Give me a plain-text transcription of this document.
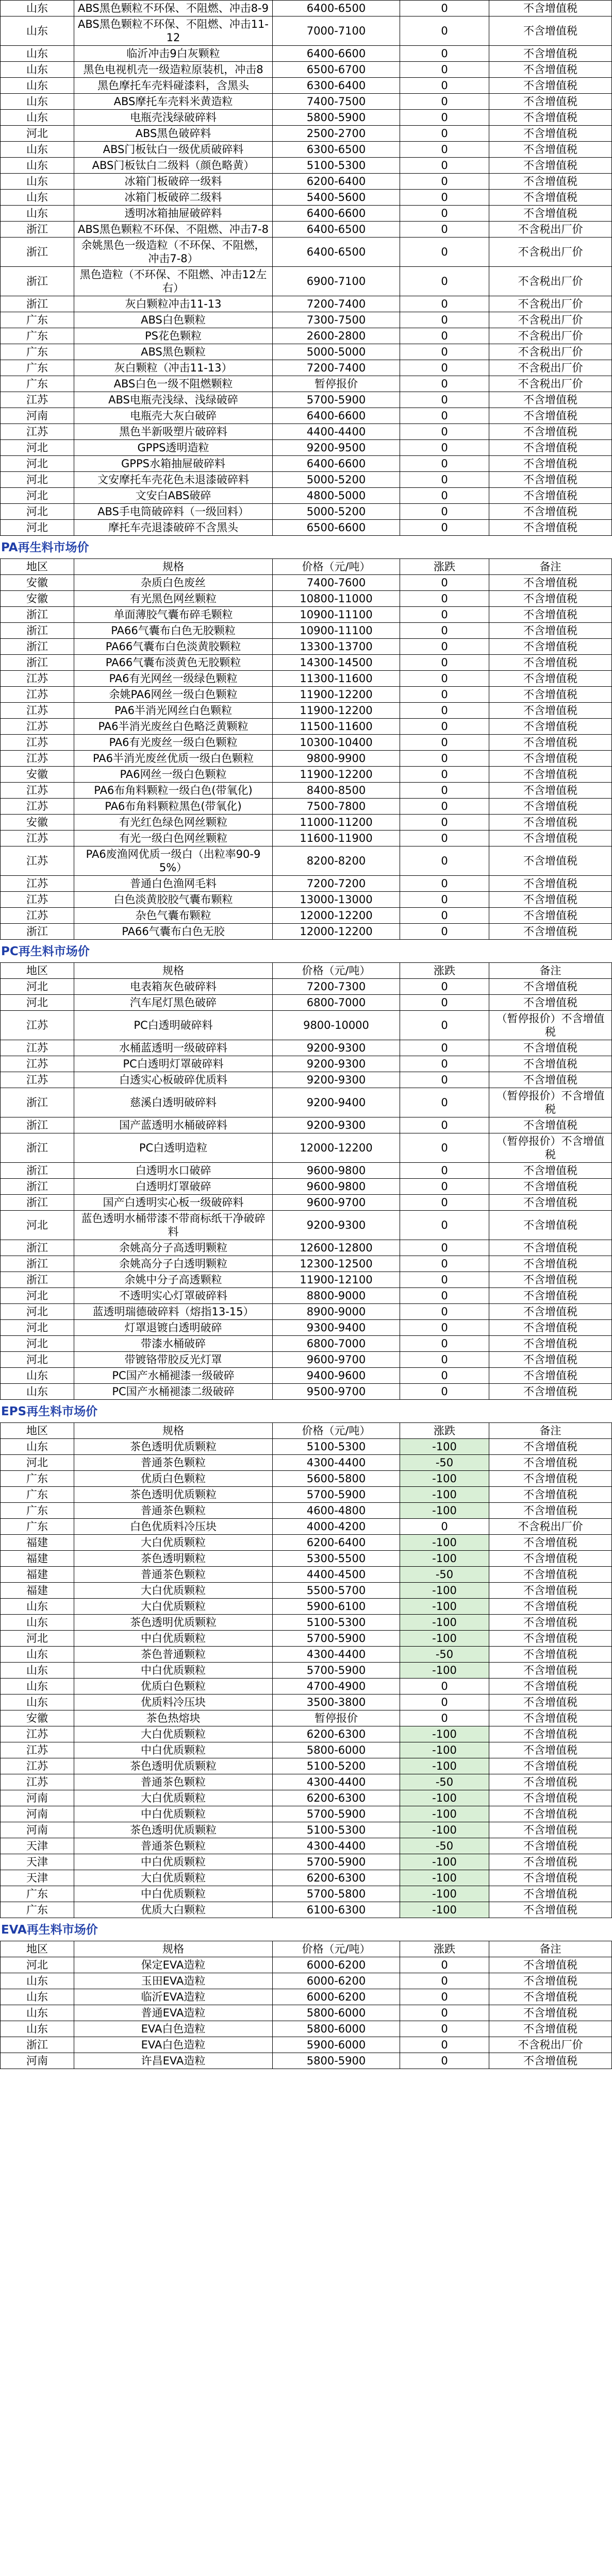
山东	ABS黑色颗粒不环保、不阻燃、冲击8-9	6400-6500	0	不含增值税
山东	ABS黑色颗粒不环保、不阻燃、冲击11-12	7000-7100	0	不含增值税
山东	临沂冲击9白灰颗粒	6400-6600	0	不含增值税
山东	黑色电视机壳一级造粒原装机，冲击8	6500-6700	0	不含增值税
山东	黑色摩托车壳料碰漆料，含黑头	6300-6400	0	不含增值税
山东	ABS摩托车壳料米黄造粒	7400-7500	0	不含增值税
山东	电瓶壳浅绿破碎料	5800-5900	0	不含增值税
河北	ABS黑色破碎料	2500-2700	0	不含增值税
山东	ABS门板钛白一级优质破碎料	6300-6500	0	不含增值税
山东	ABS门板钛白二级料（颜色略黄）	5100-5300	0	不含增值税
山东	冰箱门板破碎一级料	6200-6400	0	不含增值税
山东	冰箱门板破碎二级料	5400-5600	0	不含增值税
山东	透明冰箱抽屉破碎料	6400-6600	0	不含增值税
浙江	ABS黑色颗粒不环保、不阻燃、冲击7-8	6400-6500	0	不含税出厂价
浙江	余姚黑色一级造粒（不环保、不阻燃，冲击7-8）	6400-6500	0	不含税出厂价
浙江	黑色造粒（不环保、不阻燃、冲击12左右）	6900-7100	0	不含税出厂价
浙江	灰白颗粒冲击11-13	7200-7400	0	不含税出厂价
广东	ABS白色颗粒	7300-7500	0	不含税出厂价
广东	PS花色颗粒	2600-2800	0	不含税出厂价
广东	ABS黑色颗粒	5000-5000	0	不含税出厂价
广东	灰白颗粒（冲击11-13）	7200-7400	0	不含税出厂价
广东	ABS白色一级不阻燃颗粒	暂停报价	0	不含税出厂价
江苏	ABS电瓶壳浅绿、浅绿破碎	5700-5900	0	不含增值税
河南	电瓶壳大灰白破碎	6400-6600	0	不含增值税
江苏	黑色半新吸塑片破碎料	4400-4400	0	不含增值税
河北	GPPS透明造粒	9200-9500	0	不含增值税
河北	GPPS水箱抽屉破碎料	6400-6600	0	不含增值税
河北	文安摩托车壳花色未退漆破碎料	5000-5200	0	不含增值税
河北	文安白ABS破碎	4800-5000	0	不含增值税
河北	ABS手电筒破碎料（一级回料）	5000-5200	0	不含增值税
河北	摩托车壳退漆破碎不含黑头	6500-6600	0	不含增值税
PA再生料市场价
地区	规格	价格（元/吨）	涨跌	备注
安徽	杂质白色废丝	7400-7600	0	不含增值税
安徽	有光黑色网丝颗粒	10800-11000	0	不含增值税
浙江	单面薄胶气囊布碎毛颗粒	10900-11100	0	不含增值税
浙江	PA66气囊布白色无胶颗粒	10900-11100	0	不含增值税
浙江	PA66气囊布白色淡黄胶颗粒	13300-13700	0	不含增值税
浙江	PA66气囊布淡黄色无胶颗粒	14300-14500	0	不含增值税
江苏	PA6有光网丝一级绿色颗粒	11300-11600	0	不含增值税
江苏	余姚PA6网丝一级白色颗粒	11900-12200	0	不含增值税
江苏	PA6半消光网丝白色颗粒	11900-12200	0	不含增值税
江苏	PA6半消光废丝白色略泛黄颗粒	11500-11600	0	不含增值税
江苏	PA6有光废丝一级白色颗粒	10300-10400	0	不含增值税
江苏	PA6半消光废丝优质一级白色颗粒	9800-9900	0	不含增值税
安徽	PA6网丝一级白色颗粒	11900-12200	0	不含增值税
江苏	PA6布角料颗粒一级白色(带氧化)	8400-8500	0	不含增值税
江苏	PA6布角料颗粒黑色(带氧化)	7500-7800	0	不含增值税
安徽	有光红色绿色网丝颗粒	11000-11200	0	不含增值税
江苏	有光一级白色网丝颗粒	11600-11900	0	不含增值税
江苏	PA6废渔网优质一级白（出粒率90-95%）	8200-8200	0	不含增值税
江苏	普通白色渔网毛料	7200-7200	0	不含增值税
江苏	白色淡黄胶胶气囊布颗粒	13000-13000	0	不含增值税
江苏	杂色气囊布颗粒	12000-12200	0	不含增值税
浙江	PA66气囊布白色无胶	12000-12200	0	不含增值税
PC再生料市场价
地区	规格	价格（元/吨）	涨跌	备注
河北	电表箱灰色破碎料	7200-7300	0	不含增值税
河北	汽车尾灯黑色破碎	6800-7000	0	不含增值税
江苏	PC白透明破碎料	9800-10000	0	（暂停报价）不含增值税
江苏	水桶蓝透明一级破碎料	9200-9300	0	不含增值税
江苏	PC白透明灯罩破碎料	9200-9300	0	不含增值税
江苏	白透实心板破碎优质料	9200-9300	0	不含增值税
浙江	慈溪白透明破碎料	9200-9400	0	（暂停报价）不含增值税
浙江	国产蓝透明水桶破碎料	9200-9300	0	不含增值税
浙江	PC白透明造粒	12000-12200	0	（暂停报价）不含增值税
浙江	白透明水口破碎	9600-9800	0	不含增值税
浙江	白透明灯罩破碎	9600-9800	0	不含增值税
浙江	国产白透明实心板一级破碎料	9600-9700	0	不含增值税
河北	蓝色透明水桶带漆不带商标纸干净破碎料	9200-9300	0	不含增值税
浙江	余姚高分子高透明颗粒	12600-12800	0	不含增值税
浙江	余姚高分子白透明颗粒	12300-12500	0	不含增值税
浙江	余姚中分子高透颗粒	11900-12100	0	不含增值税
河北	不透明实心灯罩破碎料	8800-9000	0	不含增值税
河北	蓝透明瑞德破碎料（熔指13-15）	8900-9000	0	不含增值税
河北	灯罩退镀白透明破碎	9300-9400	0	不含增值税
河北	带漆水桶破碎	6800-7000	0	不含增值税
河北	带镀铬带胶反光灯罩	9600-9700	0	不含增值税
山东	PC国产水桶褪漆一级破碎	9400-9600	0	不含增值税
山东	PC国产水桶褪漆二级破碎	9500-9700	0	不含增值税
EPS再生料市场价
地区	规格	价格（元/吨）	涨跌	备注
山东	茶色透明优质颗粒	5100-5300	-100	不含增值税
河北	普通茶色颗粒	4300-4400	-50	不含增值税
广东	优质白色颗粒	5600-5800	-100	不含增值税
广东	茶色透明优质颗粒	5700-5900	-100	不含增值税
广东	普通茶色颗粒	4600-4800	-100	不含增值税
广东	白色优质料冷压块	4000-4200	0	不含税出厂价
福建	大白优质颗粒	6200-6400	-100	不含增值税
福建	茶色透明颗粒	5300-5500	-100	不含增值税
福建	普通茶色颗粒	4400-4500	-50	不含增值税
福建	大白优质颗粒	5500-5700	-100	不含增值税
山东	大白优质颗粒	5900-6100	-100	不含增值税
山东	茶色透明优质颗粒	5100-5300	-100	不含增值税
河北	中白优质颗粒	5700-5900	-100	不含增值税
山东	茶色普通颗粒	4300-4400	-50	不含增值税
山东	中白优质颗粒	5700-5900	-100	不含增值税
山东	优质白色颗粒	4700-4900	0	不含增值税
山东	优质料冷压块	3500-3800	0	不含增值税
安徽	茶色热熔块	暂停报价	0	不含增值税
江苏	大白优质颗粒	6200-6300	-100	不含增值税
江苏	中白优质颗粒	5800-6000	-100	不含增值税
江苏	茶色透明优质颗粒	5100-5200	-100	不含增值税
江苏	普通茶色颗粒	4300-4400	-50	不含增值税
河南	大白优质颗粒	6200-6300	-100	不含增值税
河南	中白优质颗粒	5700-5900	-100	不含增值税
河南	茶色透明优质颗粒	5100-5300	-100	不含增值税
天津	普通茶色颗粒	4300-4400	-50	不含增值税
天津	中白优质颗粒	5700-5900	-100	不含增值税
天津	大白优质颗粒	6200-6300	-100	不含增值税
广东	中白优质颗粒	5700-5800	-100	不含增值税
广东	优质大白颗粒	6100-6300	-100	不含增值税
EVA再生料市场价
地区	规格	价格（元/吨）	涨跌	备注
河北	保定EVA造粒	6000-6200	0	不含增值税
山东	玉田EVA造粒	6000-6200	0	不含增值税
山东	临沂EVA造粒	6000-6200	0	不含增值税
山东	普通EVA造粒	5800-6000	0	不含增值税
山东	EVA白色造粒	5800-6000	0	不含增值税
浙江	EVA白色造粒	5900-6000	0	不含税出厂价
河南	许昌EVA造粒	5800-5900	0	不含增值税
